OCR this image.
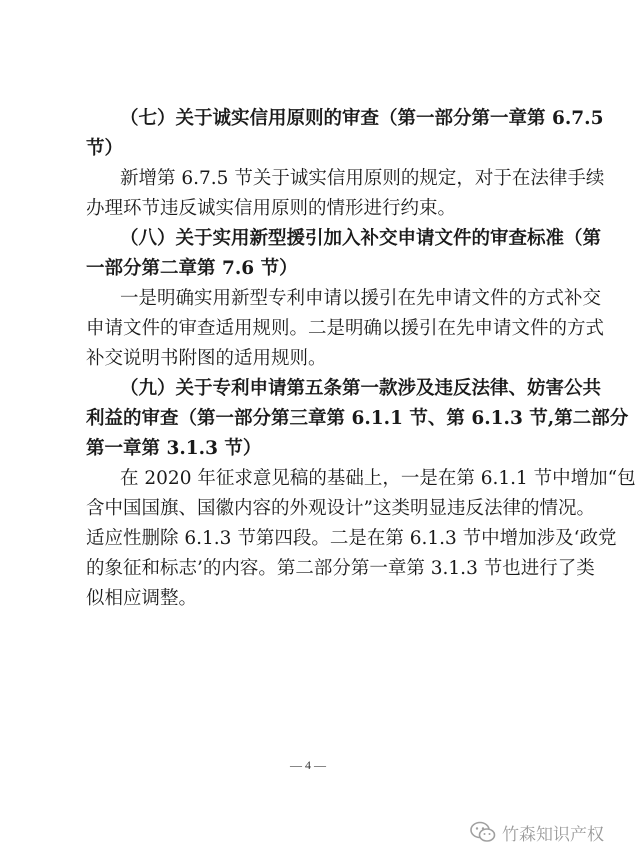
（七）关于诚实信用原则的审查（第一部分第一章第 6.7.5
节）
新增第 6.7.5 节关于诚实信用原则的规定，对于在法律手续
办理环节违反诚实信用原则的情形进行约束。
（八）关于实用新型援引加入补交申请文件的审查标准（第
一部分第二章第 7.6 节）
一是明确实用新型专利申请以援引在先申请文件的方式补交
申请文件的审查适用规则。二是明确以援引在先申请文件的方式
补交说明书附图的适用规则。
（九）关于专利申请第五条第一款涉及违反法律、妨害公共
利益的审查（第一部分第三章第 6.1.1 节、第 6.1.3 节,第二部分
第一章第 3.1.3 节）
在 2020 年征求意见稿的基础上，一是在第 6.1.1 节中增加“包
含中国国旗、国徽内容的外观设计”这类明显违反法律的情况。
适应性删除 6.1.3 节第四段。二是在第 6.1.3 节中增加涉及‘政党
的象征和标志’的内容。第二部分第一章第 3.1.3 节也进行了类
似相应调整。
— 4 —
竹森知识产权
